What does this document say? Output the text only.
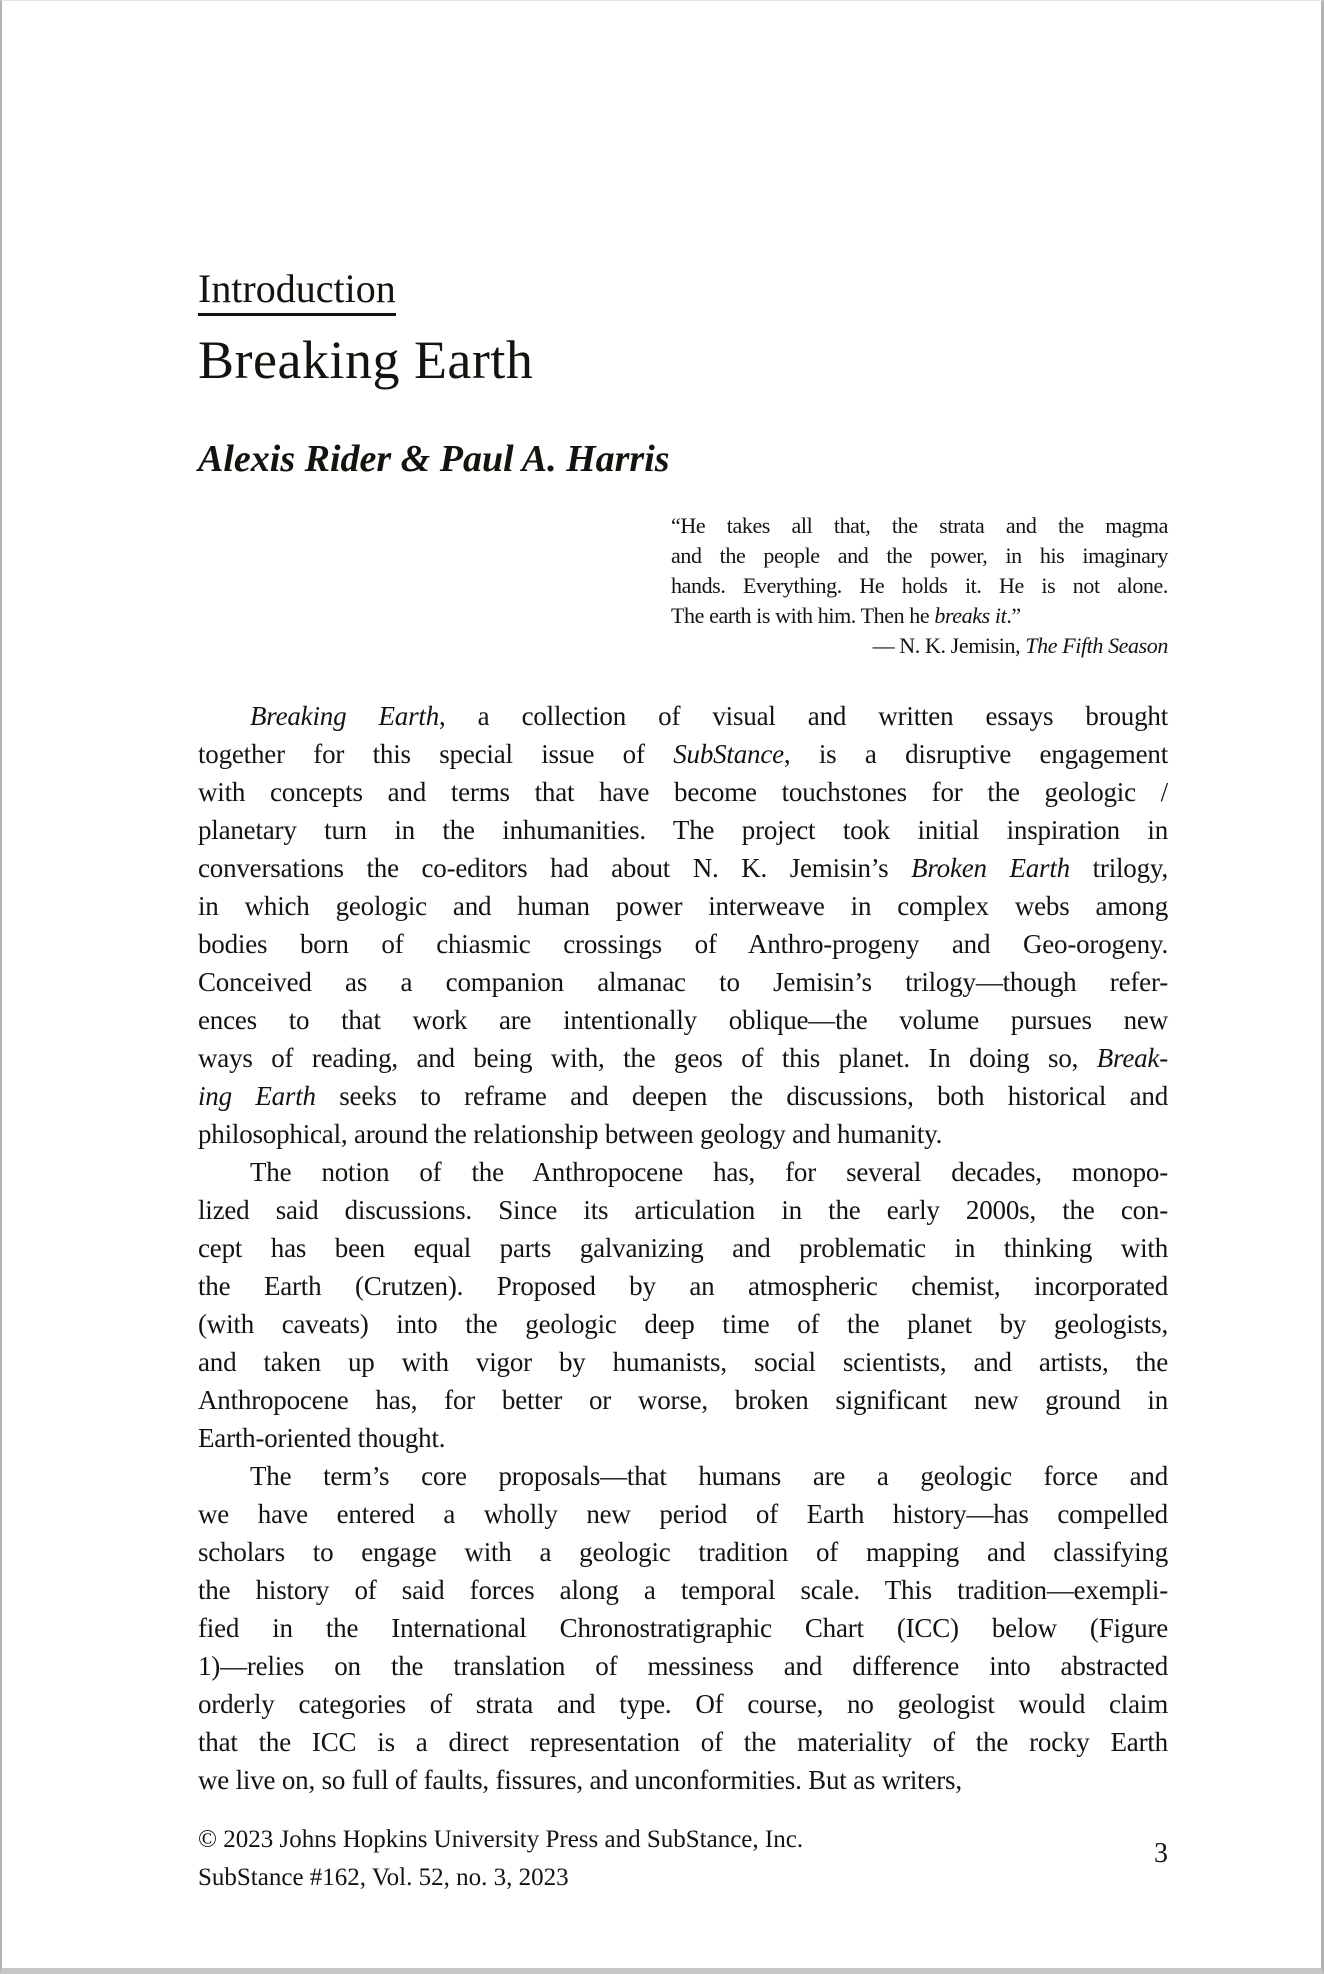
Introduction
Breaking Earth
Alexis Rider & Paul A. Harris
“He takes all that, the strata and the magma
and the people and the power, in his imaginary
hands. Everything. He holds it. He is not alone.
The earth is with him. Then he breaks it.”
— N. K. Jemisin, The Fifth Season
Breaking Earth, a collection of visual and written essays brought
together for this special issue of SubStance, is a disruptive engagement
with concepts and terms that have become touchstones for the geologic /
planetary turn in the inhumanities. The project took initial inspiration in
conversations the co-editors had about N. K. Jemisin’s Broken Earth trilogy,
in which geologic and human power interweave in complex webs among
bodies born of chiasmic crossings of Anthro-progeny and Geo-orogeny.
Conceived as a companion almanac to Jemisin’s trilogy—though refer-
ences to that work are intentionally oblique—the volume pursues new
ways of reading, and being with, the geos of this planet. In doing so, Break-
ing Earth seeks to reframe and deepen the discussions, both historical and
philosophical, around the relationship between geology and humanity.
The notion of the Anthropocene has, for several decades, monopo-
lized said discussions. Since its articulation in the early 2000s, the con-
cept has been equal parts galvanizing and problematic in thinking with
the Earth (Crutzen). Proposed by an atmospheric chemist, incorporated
(with caveats) into the geologic deep time of the planet by geologists,
and taken up with vigor by humanists, social scientists, and artists, the
Anthropocene has, for better or worse, broken significant new ground in
Earth-oriented thought.
The term’s core proposals—that humans are a geologic force and
we have entered a wholly new period of Earth history—has compelled
scholars to engage with a geologic tradition of mapping and classifying
the history of said forces along a temporal scale. This tradition—exempli-
fied in the International Chronostratigraphic Chart (ICC) below (Figure
1)—relies on the translation of messiness and difference into abstracted
orderly categories of strata and type. Of course, no geologist would claim
that the ICC is a direct representation of the materiality of the rocky Earth
we live on, so full of faults, fissures, and unconformities. But as writers,
© 2023 Johns Hopkins University Press and SubStance, Inc.
SubStance #162, Vol. 52, no. 3, 2023
3
